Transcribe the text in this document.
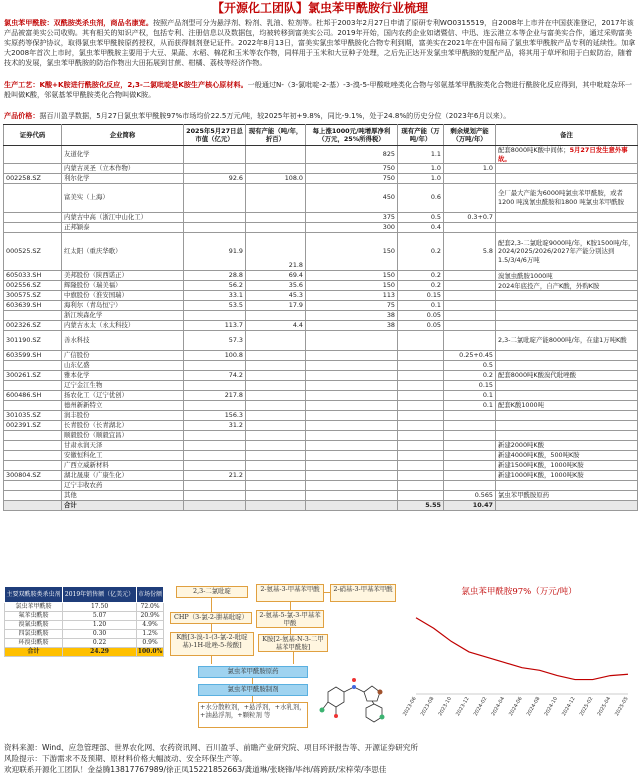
【开源化工团队】氯虫苯甲酰胺行业梳理
氯虫苯甲酰胺：双酰胺类杀虫剂，商品名康宽。按照产品剂型可分为悬浮剂、粉剂、乳油、粒剂等。杜邦于2003年2月27日申请了原研专利WO0315519，自2008年上市并在中国获准登记，2017年该产品被富美实公司收购。其有相关的知识产权，包括专利、注册信息以及数据包，均被转移到富美实公司。2019年开始，国内农药企业如诸暨信、中迅、连云港立本等企业与富美实合作，通过采购富美实原药等保护协议，取得氯虫苯甲酰胺原药授权，从而获得制剂登记证件。2022年8月13日，富美实氯虫苯甲酰胺化合物专利到期，富美实在2021年在中国布局了氯虫苯甲酰胺产品专利的延续性。加拿大2008年首次上市时，氯虫苯甲酰胺主要用于大豆、果蔬、水稻、棉花和玉米等农作物，同样用于玉米和大豆种子处理，之后先正达开发氯虫苯甲酰胺的复配产品，将其用于草坪和用于白蚁防治，随着技术的发展，氯虫苯甲酰胺的防治作物出大田拓展到甘蔗、柑橘、荔枝等经济作物。
生产工艺：K酸+K胺进行酰胺化反应，2,3-二氯吡啶是K胺生产核心原材料。一般通过N-（3-氯吡啶-2-基）-3-溴-5-甲酸吡唑类化合物与邻氨基苯甲酰胺类化合物进行酰胺化反应得到，其中吡啶杂环一般叫做K酸，邻氨基苯甲酰胺类化合物叫做K胺。
产品价格：据百川盈孚数据，5月27日氯虫苯甲酰胺97%市场均价22.5万元/吨，较2025年初+9.8%，同比-9.1%，处于24.8%的历史分位（2023年6月以来）。
证券代码	企业简称	2025年5月27日总市值（亿元）	现有产能（吨/年，折百）	每上涨1000元/吨增厚净利（万元，25%所得税）	现有产能（万吨/年）	剩余规划产能（万吨/年）	备注
	友道化学			825	1.1		配套8000吨K酸中间体；5月27日发生意外事故。
	内蒙古灵圣（立本作物）			750	1.0	1.0	
002258.SZ	利尔化学	92.6	108.0	750	1.0		
	富美实（上海）			450	0.6		全厂最大产能为6000吨氯虫苯甲酰胺，或者1200 吨溴氰虫酰胺和1800 吨氯虫苯甲酰胺
	内蒙古中高（浙江中山化工）			375	0.5	0.3+0.7	
	正邦颖泰			300	0.4		
000525.SZ	红太阳（重庆华歌）	91.9	21.8	150	0.2	5.8	配套2,3-二氯吡啶9000吨/年，K胺1500吨/年，2024/2025/2026/2027年产能分别达到1.5/3/4/6万吨
605033.SH	美邦股份（陕西诺正）	28.8	69.4	150	0.2		溴氰虫酰胺1000吨
002556.SZ	辉隆股份（瑞美福）	56.2	35.6	150	0.2		2024年底投产，自产K酸，外购K胺
300575.SZ	中旗股份（淮安国瑞）	33.1	45.3	113	0.15		
603639.SH	海利尔（青岛恒宁）	53.5	17.9	75	0.1		
	浙江埃森化学			38	0.05		
002326.SZ	内蒙古永太（永太科技）	113.7	4.4	38	0.05		
301190.SZ	善水科技	57.3					2,3-二氯吡啶产能8000吨/年，在建1万吨K酸
603599.SH	广信股份	100.8				0.25+0.45	
	山东亿盛					0.5	
300261.SZ	雅本化学	74.2				0.2	配套8000吨K酸溴代吡唑酸
	辽宁金江生物					0.15	
600486.SH	扬农化工（辽宁优创）	217.8				0.1	
	德州新新特立					0.1	配套K酸1000吨
301035.SZ	润丰股份	156.3					
002391.SZ	长青股份（长青湖北）	31.2					
	顺毅股份（顺毅宜昌）						
	甘肃永润天泽						新建2000吨K酸
	安徽恒科化工						新建4000吨K酸，500吨K胺
	广西立威新材料						新建1500吨K酸，1000吨K胺
300804.SZ	湖北晟康（广康生化）	21.2					新建1000吨K酸，1000吨K胺
	辽宁丰收农药						
	其他					0.565	氯虫苯甲酰胺原药
	合计				5.55	10.47	
主要双酰胺类杀虫剂	2019年销售额（亿美元）	市场份额
氯虫苯甲酰胺	17.50	72.0%
氟苯虫酰胺	5.07	20.9%
溴氰虫酰胺	1.20	4.9%
四氯虫酰胺	0.30	1.2%
环溴虫酰胺	0.22	0.9%
合计	24.29	100.0%
2,3-二氯吡啶	2-氨基-3-甲基苯甲酸	2-硝基-3-甲基苯甲酸
CHP（3-氯-2-肼基吡啶）	2-氨基-5-氯-3-甲基苯甲酸
K酸[3-溴-1-(3-氯-2-吡啶基)-1H-吡唑-5-羧酸]
K胺[2-氨基-N-3-二甲基苯甲酰胺]
氯虫苯甲酰胺原药
氯虫苯甲酰胺制剂
+水分散粒剂，+悬浮剂，+水乳剂，+油悬浮剂，+颗粒剂 等
氯虫苯甲酰胺97%（万元/吨）
2023-06 2023-08 2023-10 2023-12 2024-02 2024-04 2024-06 2024-08 2024-10 2024-12 2025-02 2025-04 2025-05
资料来源：Wind、应急管理部、世界农化网、农药资讯网、百川盈孚、前瞻产业研究院、项目环评报告等、开源证券研究所
风险提示：下游需求不及预期、原材料价格大幅波动、安全环保生产等。
欢迎联系开源化工团队！金益腾13817767989/徐正凤15221852663/龚道琳/张晓锋/毕纬/蒋跨跃/宋梓荣/李思佳
